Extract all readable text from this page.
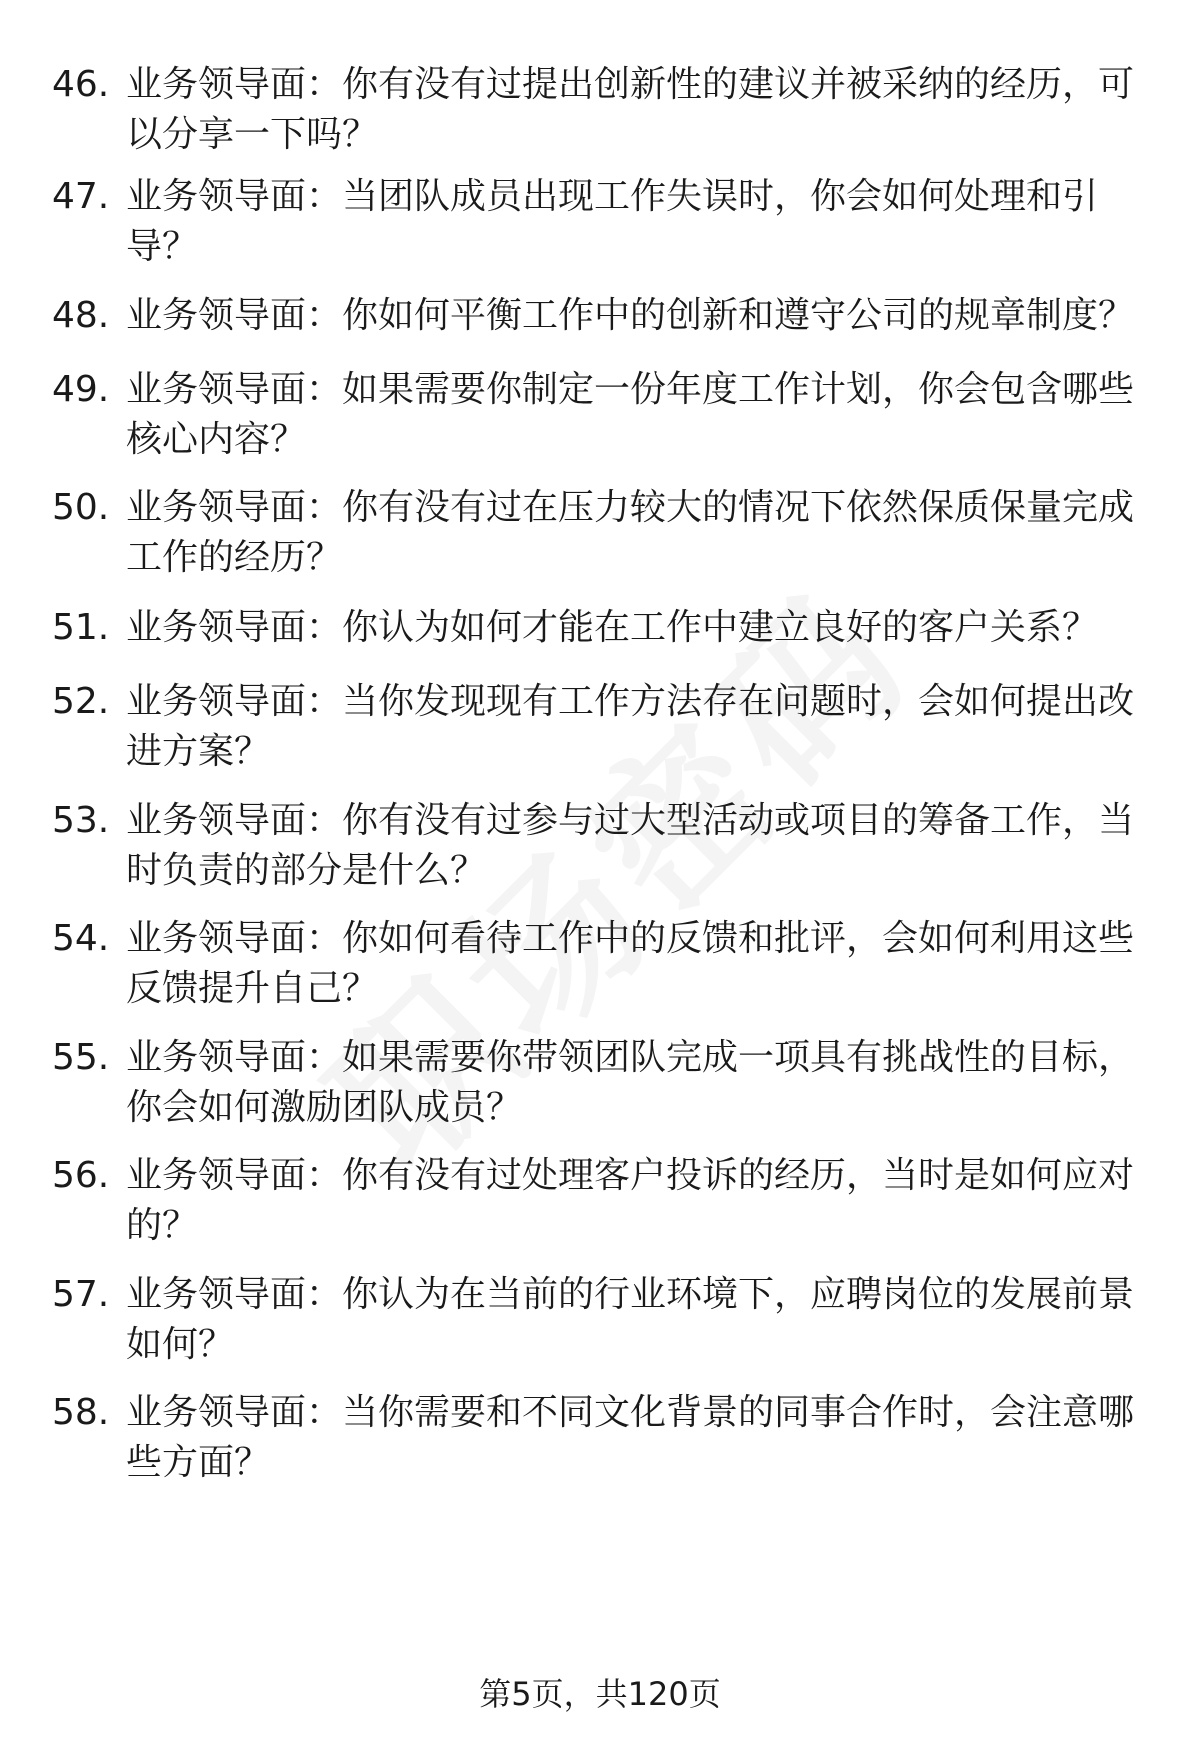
46. 业务领导面：你有没有过提出创新性的建议并被采纳的经历，可以分享一下吗？
47. 业务领导面：当团队成员出现工作失误时，你会如何处理和引导？
48. 业务领导面：你如何平衡工作中的创新和遵守公司的规章制度？
49. 业务领导面：如果需要你制定一份年度工作计划，你会包含哪些核心内容？
50. 业务领导面：你有没有过在压力较大的情况下依然保质保量完成工作的经历？
51. 业务领导面：你认为如何才能在工作中建立良好的客户关系？
52. 业务领导面：当你发现现有工作方法存在问题时，会如何提出改进方案？
53. 业务领导面：你有没有过参与过大型活动或项目的筹备工作，当时负责的部分是什么？
54. 业务领导面：你如何看待工作中的反馈和批评，会如何利用这些反馈提升自己？
55. 业务领导面：如果需要你带领团队完成一项具有挑战性的目标，你会如何激励团队成员？
56. 业务领导面：你有没有过处理客户投诉的经历，当时是如何应对的？
57. 业务领导面：你认为在当前的行业环境下，应聘岗位的发展前景如何？
58. 业务领导面：当你需要和不同文化背景的同事合作时，会注意哪些方面？
第5页，共120页
